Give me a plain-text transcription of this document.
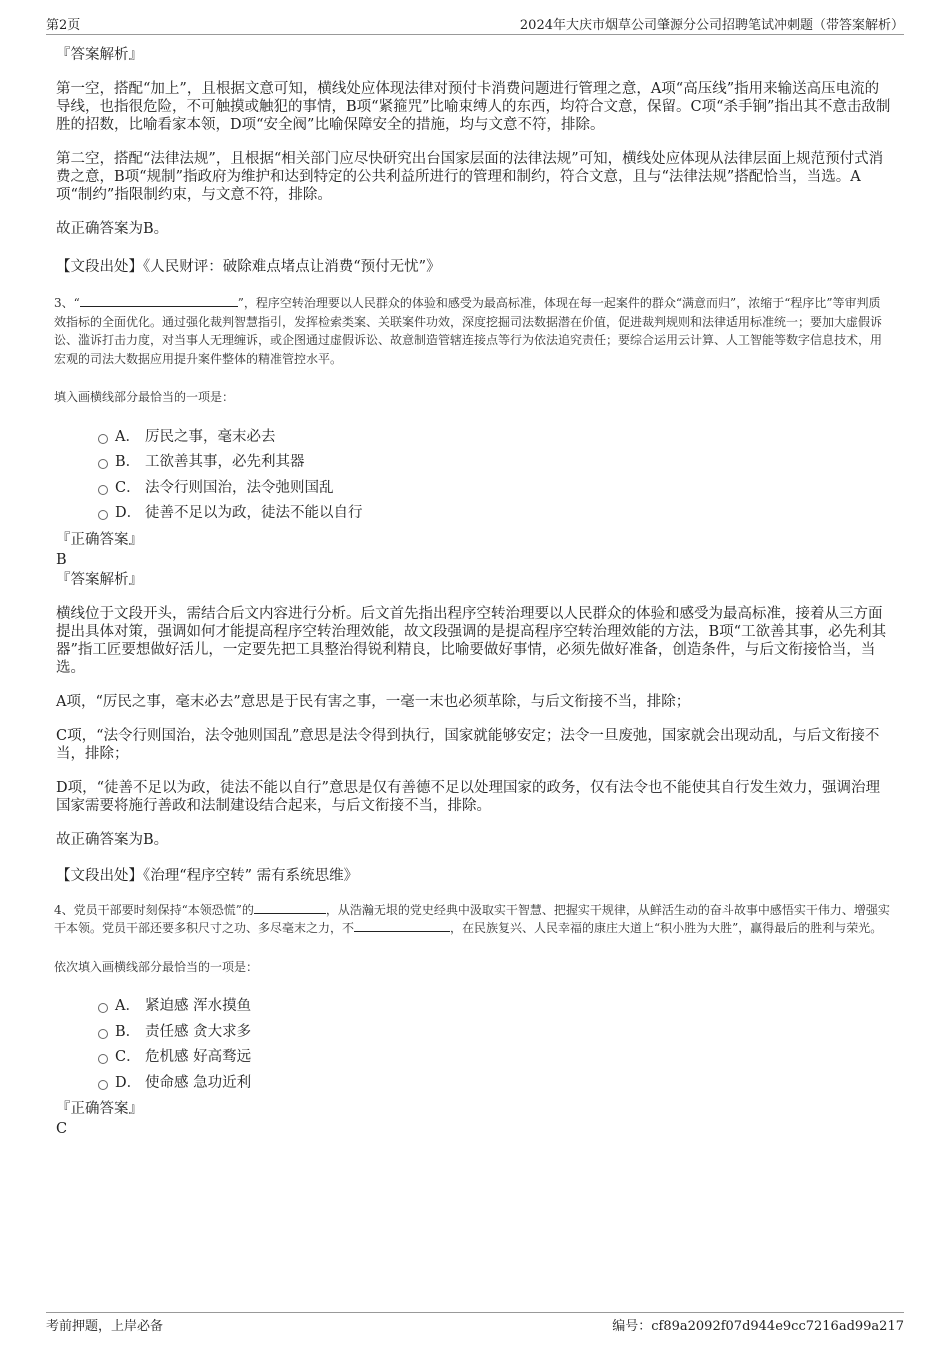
第2页	2024年大庆市烟草公司肇源分公司招聘笔试冲刺题（带答案解析）

『答案解析』

第一空，搭配“加上”，且根据文意可知，横线处应体现法律对预付卡消费问题进行管理之意，A项“高压线”指用来输送高压电流的导线，也指很危险，不可触摸或触犯的事情，B项“紧箍咒”比喻束缚人的东西，均符合文意，保留。C项“杀手锏”指出其不意击敌制胜的招数，比喻看家本领，D项“安全阀”比喻保障安全的措施，均与文意不符，排除。

第二空，搭配“法律法规”，且根据“相关部门应尽快研究出台国家层面的法律法规”可知，横线处应体现从法律层面上规范预付式消费之意，B项“规制”指政府为维护和达到特定的公共利益所进行的管理和制约，符合文意，且与“法律法规”搭配恰当，当选。A项“制约”指限制约束，与文意不符，排除。

故正确答案为B。

【文段出处】《人民财评：破除难点堵点让消费“预付无忧”》

3、“	”，程序空转治理要以人民群众的体验和感受为最高标准，体现在每一起案件的群众“满意而归”，浓缩于“程序比”等审判质效指标的全面优化。通过强化裁判智慧指引，发挥检索类案、关联案件功效，深度挖掘司法数据潜在价值，促进裁判规则和法律适用标准统一；要加大虚假诉讼、滥诉打击力度，对当事人无理缠诉，或企图通过虚假诉讼、故意制造管辖连接点等行为依法追究责任；要综合运用云计算、人工智能等数字信息技术，用宏观的司法大数据应用提升案件整体的精准管控水平。

填入画横线部分最恰当的一项是：

A． 厉民之事，毫末必去
B． 工欲善其事，必先利其器
C． 法令行则国治，法令弛则国乱
D． 徒善不足以为政，徒法不能以自行

『正确答案』

B

『答案解析』

横线位于文段开头，需结合后文内容进行分析。后文首先指出程序空转治理要以人民群众的体验和感受为最高标准，接着从三方面提出具体对策，强调如何才能提高程序空转治理效能，故文段强调的是提高程序空转治理效能的方法，B项“工欲善其事，必先利其器”指工匠要想做好活儿，一定要先把工具整治得锐利精良，比喻要做好事情，必须先做好准备，创造条件，与后文衔接恰当，当选。

A项，“厉民之事，毫末必去”意思是于民有害之事，一毫一末也必须革除，与后文衔接不当，排除；

C项，“法令行则国治，法令弛则国乱”意思是法令得到执行，国家就能够安定；法令一旦废弛，国家就会出现动乱，与后文衔接不当，排除；

D项，“徒善不足以为政，徒法不能以自行”意思是仅有善德不足以处理国家的政务，仅有法令也不能使其自行发生效力，强调治理国家需要将施行善政和法制建设结合起来，与后文衔接不当，排除。

故正确答案为B。

【文段出处】《治理“程序空转” 需有系统思维》

4、党员干部要时刻保持“本领恐慌”的	，从浩瀚无垠的党史经典中汲取实干智慧、把握实干规律，从鲜活生动的奋斗故事中感悟实干伟力、增强实干本领。党员干部还要多积尺寸之功、多尽毫末之力，不	，在民族复兴、人民幸福的康庄大道上“积小胜为大胜”，赢得最后的胜利与荣光。

依次填入画横线部分最恰当的一项是：

A． 紧迫感 浑水摸鱼
B． 责任感 贪大求多
C． 危机感 好高骛远
D． 使命感 急功近利

『正确答案』

C

考前押题，上岸必备	编号：cf89a2092f07d944e9cc7216ad99a217
